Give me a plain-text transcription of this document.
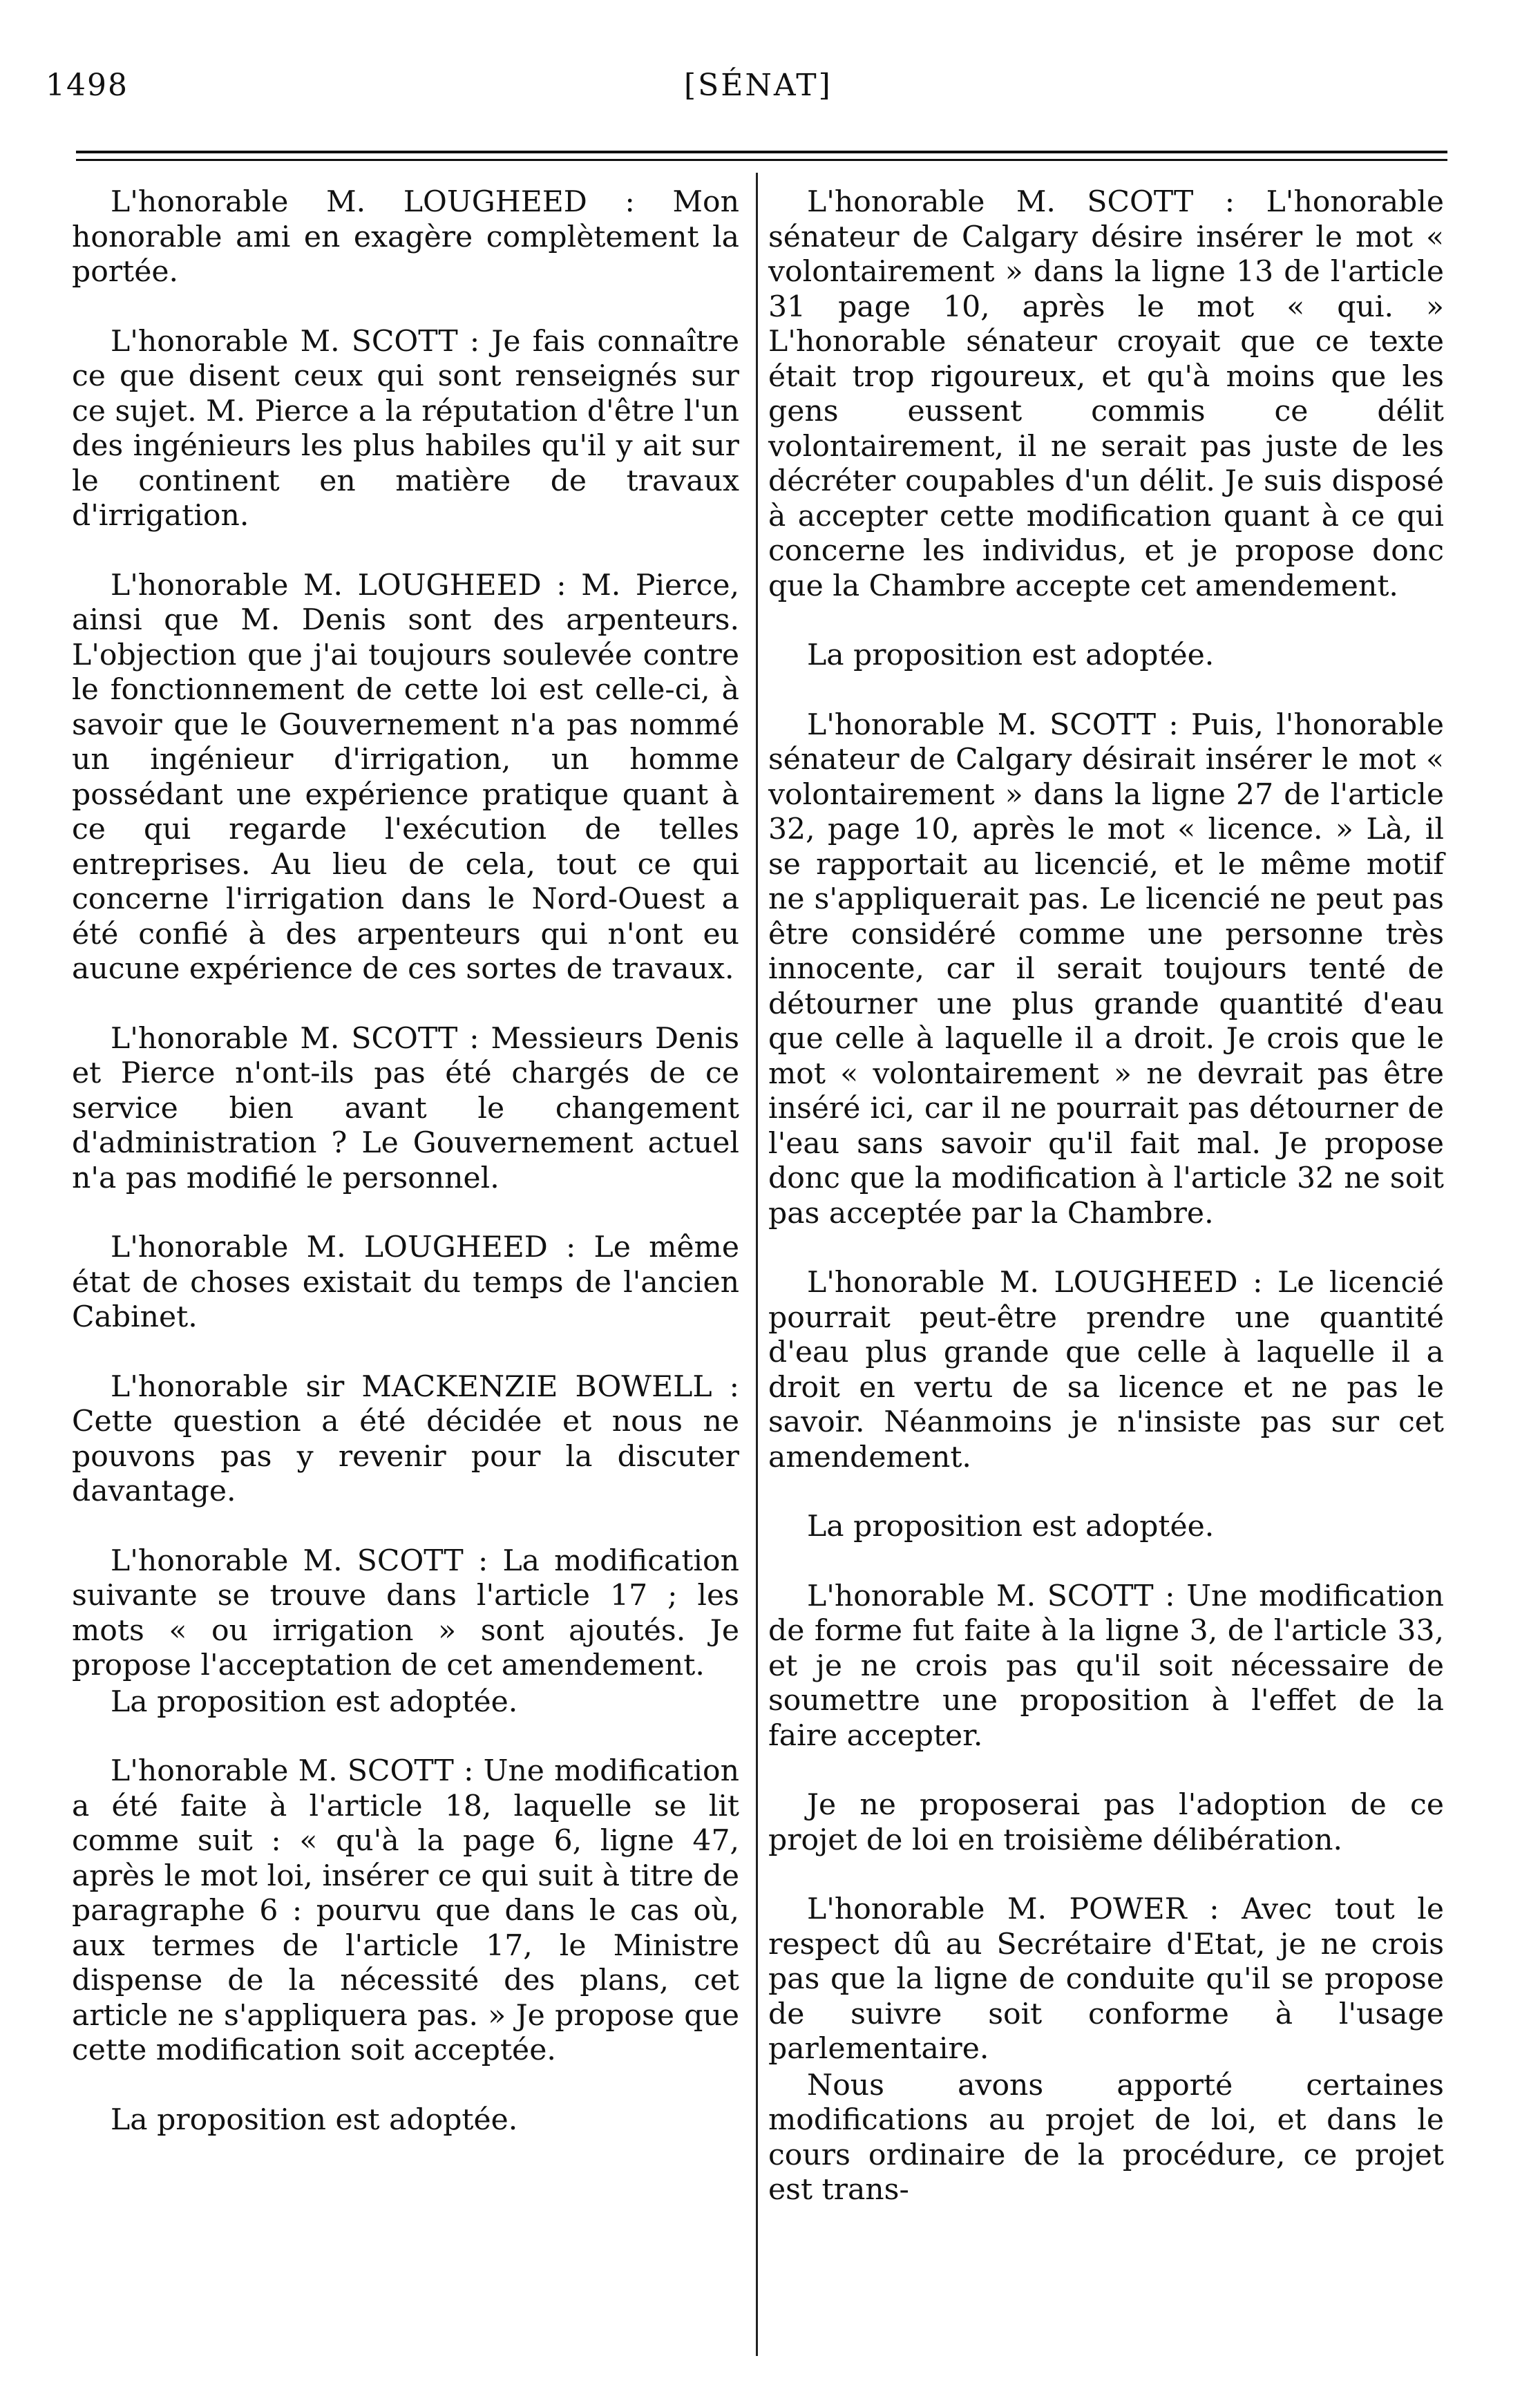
1498	[SÉNAT]

L'honorable M. LOUGHEED : Mon honorable ami en exagère complètement la portée.

L'honorable M. SCOTT : Je fais connaître ce que disent ceux qui sont renseignés sur ce sujet. M. Pierce a la réputation d'être l'un des ingénieurs les plus habiles qu'il y ait sur le continent en matière de travaux d'irrigation.

L'honorable M. LOUGHEED : M. Pierce, ainsi que M. Denis sont des arpenteurs. L'objection que j'ai toujours soulevée contre le fonctionnement de cette loi est celle-ci, à savoir que le Gouvernement n'a pas nommé un ingénieur d'irrigation, un homme possédant une expérience pratique quant à ce qui regarde l'exécution de telles entreprises. Au lieu de cela, tout ce qui concerne l'irrigation dans le Nord-Ouest a été confié à des arpenteurs qui n'ont eu aucune expérience de ces sortes de travaux.

L'honorable M. SCOTT : Messieurs Denis et Pierce n'ont-ils pas été chargés de ce service bien avant le changement d'administration ? Le Gouvernement actuel n'a pas modifié le personnel.

L'honorable M. LOUGHEED : Le même état de choses existait du temps de l'ancien Cabinet.

L'honorable sir MACKENZIE BOWELL : Cette question a été décidée et nous ne pouvons pas y revenir pour la discuter davantage.

L'honorable M. SCOTT : La modification suivante se trouve dans l'article 17 ; les mots « ou irrigation » sont ajoutés. Je propose l'acceptation de cet amendement.

La proposition est adoptée.

L'honorable M. SCOTT : Une modification a été faite à l'article 18, laquelle se lit comme suit : « qu'à la page 6, ligne 47, après le mot loi, insérer ce qui suit à titre de paragraphe 6 : pourvu que dans le cas où, aux termes de l'article 17, le Ministre dispense de la nécessité des plans, cet article ne s'appliquera pas. » Je propose que cette modification soit acceptée.

La proposition est adoptée.

L'honorable M. SCOTT : L'honorable sénateur de Calgary désire insérer le mot « volontairement » dans la ligne 13 de l'article 31 page 10, après le mot « qui. » L'honorable sénateur croyait que ce texte était trop rigoureux, et qu'à moins que les gens eussent commis ce délit volontairement, il ne serait pas juste de les décréter coupables d'un délit. Je suis disposé à accepter cette modification quant à ce qui concerne les individus, et je propose donc que la Chambre accepte cet amendement.

La proposition est adoptée.

L'honorable M. SCOTT : Puis, l'honorable sénateur de Calgary désirait insérer le mot « volontairement » dans la ligne 27 de l'article 32, page 10, après le mot « licence. » Là, il se rapportait au licencié, et le même motif ne s'appliquerait pas. Le licencié ne peut pas être considéré comme une personne très innocente, car il serait toujours tenté de détourner une plus grande quantité d'eau que celle à laquelle il a droit. Je crois que le mot « volontairement » ne devrait pas être inséré ici, car il ne pourrait pas détourner de l'eau sans savoir qu'il fait mal. Je propose donc que la modification à l'article 32 ne soit pas acceptée par la Chambre.

L'honorable M. LOUGHEED : Le licencié pourrait peut-être prendre une quantité d'eau plus grande que celle à laquelle il a droit en vertu de sa licence et ne pas le savoir. Néanmoins je n'insiste pas sur cet amendement.

La proposition est adoptée.

L'honorable M. SCOTT : Une modification de forme fut faite à la ligne 3, de l'article 33, et je ne crois pas qu'il soit nécessaire de soumettre une proposition à l'effet de la faire accepter.

Je ne proposerai pas l'adoption de ce projet de loi en troisième délibération.

L'honorable M. POWER : Avec tout le respect dû au Secrétaire d'Etat, je ne crois pas que la ligne de conduite qu'il se propose de suivre soit conforme à l'usage parlementaire.

Nous avons apporté certaines modifications au projet de loi, et dans le cours ordinaire de la procédure, ce projet est trans-
